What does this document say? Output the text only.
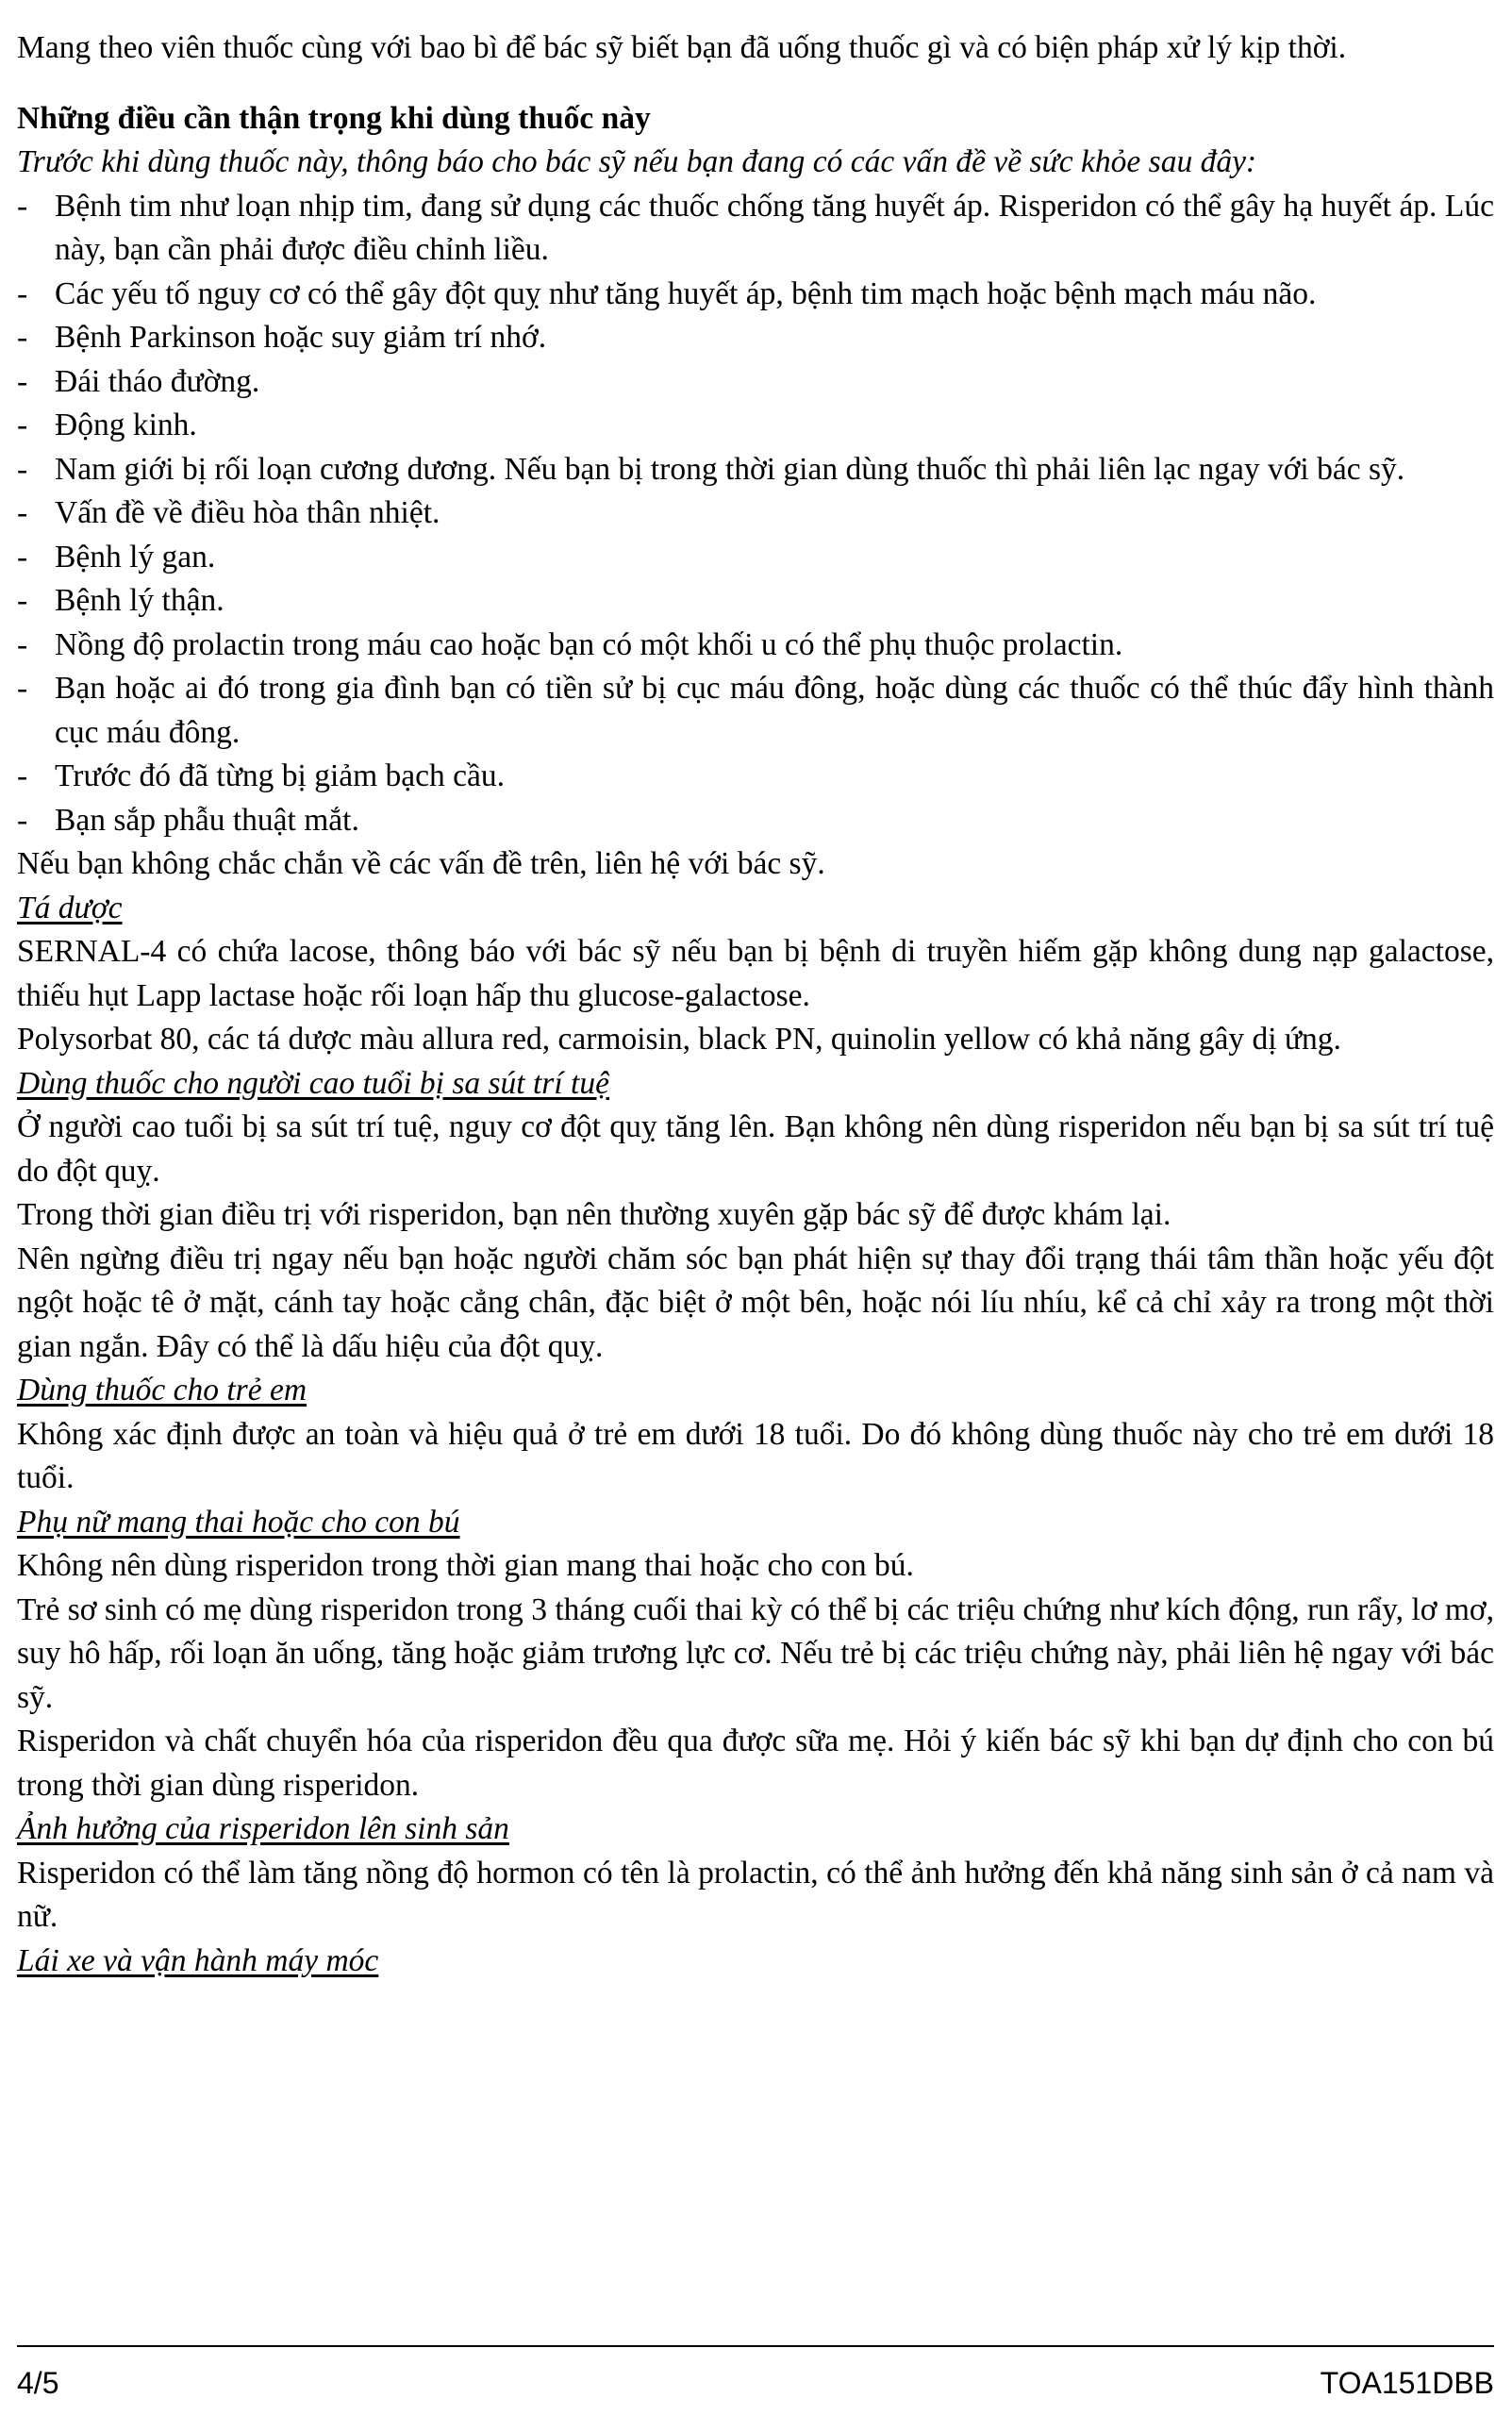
Mang theo viên thuốc cùng với bao bì để bác sỹ biết bạn đã uống thuốc gì và có biện pháp xử lý kịp thời.

Những điều cần thận trọng khi dùng thuốc này

Trước khi dùng thuốc này, thông báo cho bác sỹ nếu bạn đang có các vấn đề về sức khỏe sau đây:

- Bệnh tim như loạn nhịp tim, đang sử dụng các thuốc chống tăng huyết áp. Risperidon có thể gây hạ huyết áp. Lúc này, bạn cần phải được điều chỉnh liều.
- Các yếu tố nguy cơ có thể gây đột quỵ như tăng huyết áp, bệnh tim mạch hoặc bệnh mạch máu não.
- Bệnh Parkinson hoặc suy giảm trí nhớ.
- Đái tháo đường.
- Động kinh.
- Nam giới bị rối loạn cương dương. Nếu bạn bị trong thời gian dùng thuốc thì phải liên lạc ngay với bác sỹ.
- Vấn đề về điều hòa thân nhiệt.
- Bệnh lý gan.
- Bệnh lý thận.
- Nồng độ prolactin trong máu cao hoặc bạn có một khối u có thể phụ thuộc prolactin.
- Bạn hoặc ai đó trong gia đình bạn có tiền sử bị cục máu đông, hoặc dùng các thuốc có thể thúc đẩy hình thành cục máu đông.
- Trước đó đã từng bị giảm bạch cầu.
- Bạn sắp phẫu thuật mắt.

Nếu bạn không chắc chắn về các vấn đề trên, liên hệ với bác sỹ.

Tá dược

SERNAL-4 có chứa lacose, thông báo với bác sỹ nếu bạn bị bệnh di truyền hiếm gặp không dung nạp galactose, thiếu hụt Lapp lactase hoặc rối loạn hấp thu glucose-galactose.

Polysorbat 80, các tá dược màu allura red, carmoisin, black PN, quinolin yellow có khả năng gây dị ứng.

Dùng thuốc cho người cao tuổi bị sa sút trí tuệ

Ở người cao tuổi bị sa sút trí tuệ, nguy cơ đột quỵ tăng lên. Bạn không nên dùng risperidon nếu bạn bị sa sút trí tuệ do đột quỵ.

Trong thời gian điều trị với risperidon, bạn nên thường xuyên gặp bác sỹ để được khám lại.

Nên ngừng điều trị ngay nếu bạn hoặc người chăm sóc bạn phát hiện sự thay đổi trạng thái tâm thần hoặc yếu đột ngột hoặc tê ở mặt, cánh tay hoặc cẳng chân, đặc biệt ở một bên, hoặc nói líu nhíu, kể cả chỉ xảy ra trong một thời gian ngắn. Đây có thể là dấu hiệu của đột quỵ.

Dùng thuốc cho trẻ em

Không xác định được an toàn và hiệu quả ở trẻ em dưới 18 tuổi. Do đó không dùng thuốc này cho trẻ em dưới 18 tuổi.

Phụ nữ mang thai hoặc cho con bú

Không nên dùng risperidon trong thời gian mang thai hoặc cho con bú.

Trẻ sơ sinh có mẹ dùng risperidon trong 3 tháng cuối thai kỳ có thể bị các triệu chứng như kích động, run rẩy, lơ mơ, suy hô hấp, rối loạn ăn uống, tăng hoặc giảm trương lực cơ. Nếu trẻ bị các triệu chứng này, phải liên hệ ngay với bác sỹ.

Risperidon và chất chuyển hóa của risperidon đều qua được sữa mẹ. Hỏi ý kiến bác sỹ khi bạn dự định cho con bú trong thời gian dùng risperidon.

Ảnh hưởng của risperidon lên sinh sản

Risperidon có thể làm tăng nồng độ hormon có tên là prolactin, có thể ảnh hưởng đến khả năng sinh sản ở cả nam và nữ.

Lái xe và vận hành máy móc

4/5	TOA151DBB
